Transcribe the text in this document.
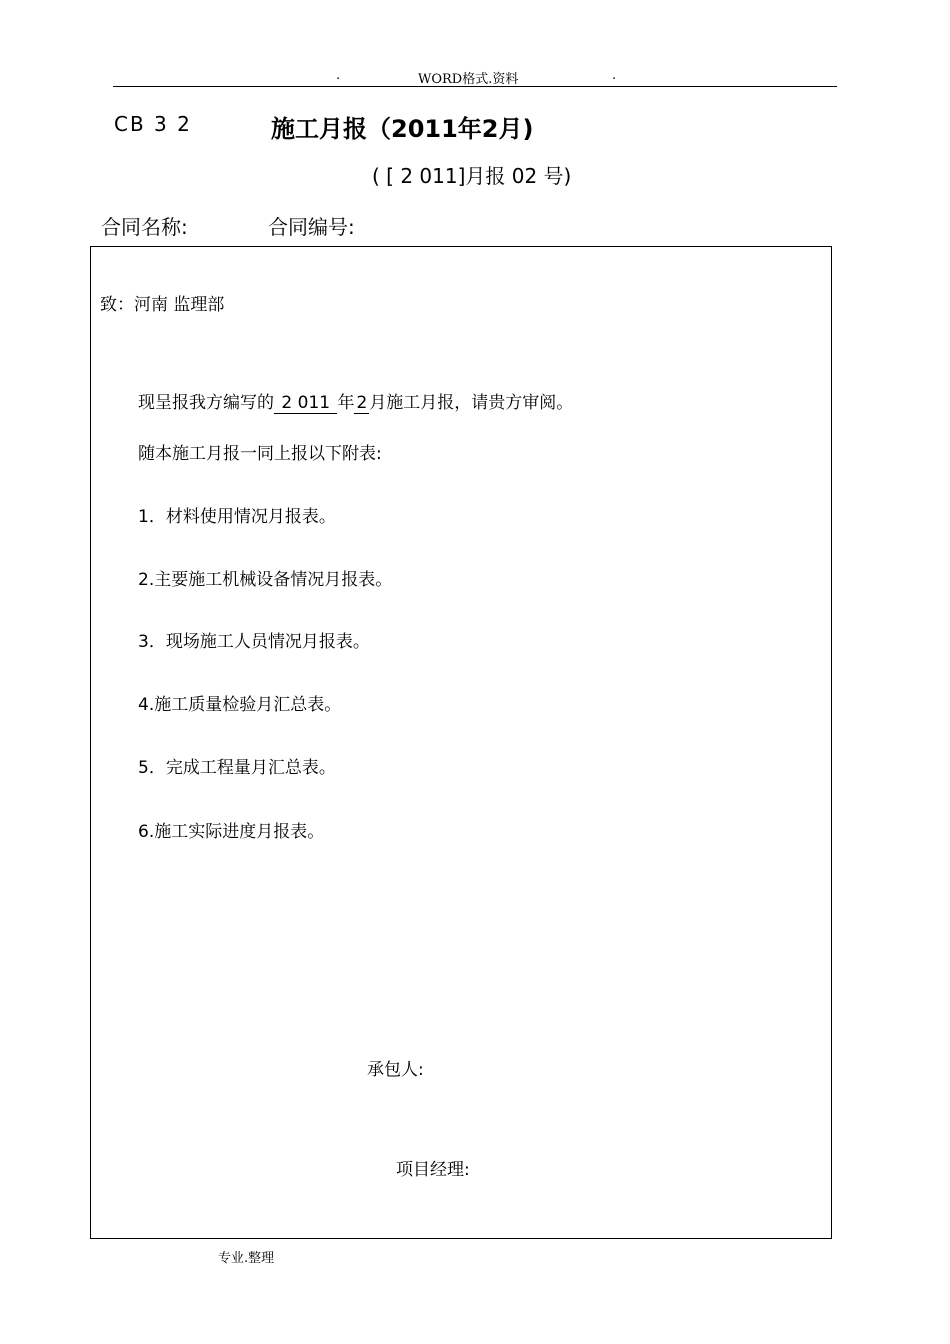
.	WORD格式.资料	.
CB 3 2	施工月报（2011年2月)
( [ 2 011]月报 02 号)
合同名称:	合同编号:
致：河南 监理部
现呈报我方编写的 2 011 年 2 月施工月报，请贵方审阅。
随本施工月报一同上报以下附表:
1．材料使用情况月报表。
2.主要施工机械设备情况月报表。
3．现场施工人员情况月报表。
4.施工质量检验月汇总表。
5．完成工程量月汇总表。
6.施工实际进度月报表。
承包人:
项目经理:
专业.整理
